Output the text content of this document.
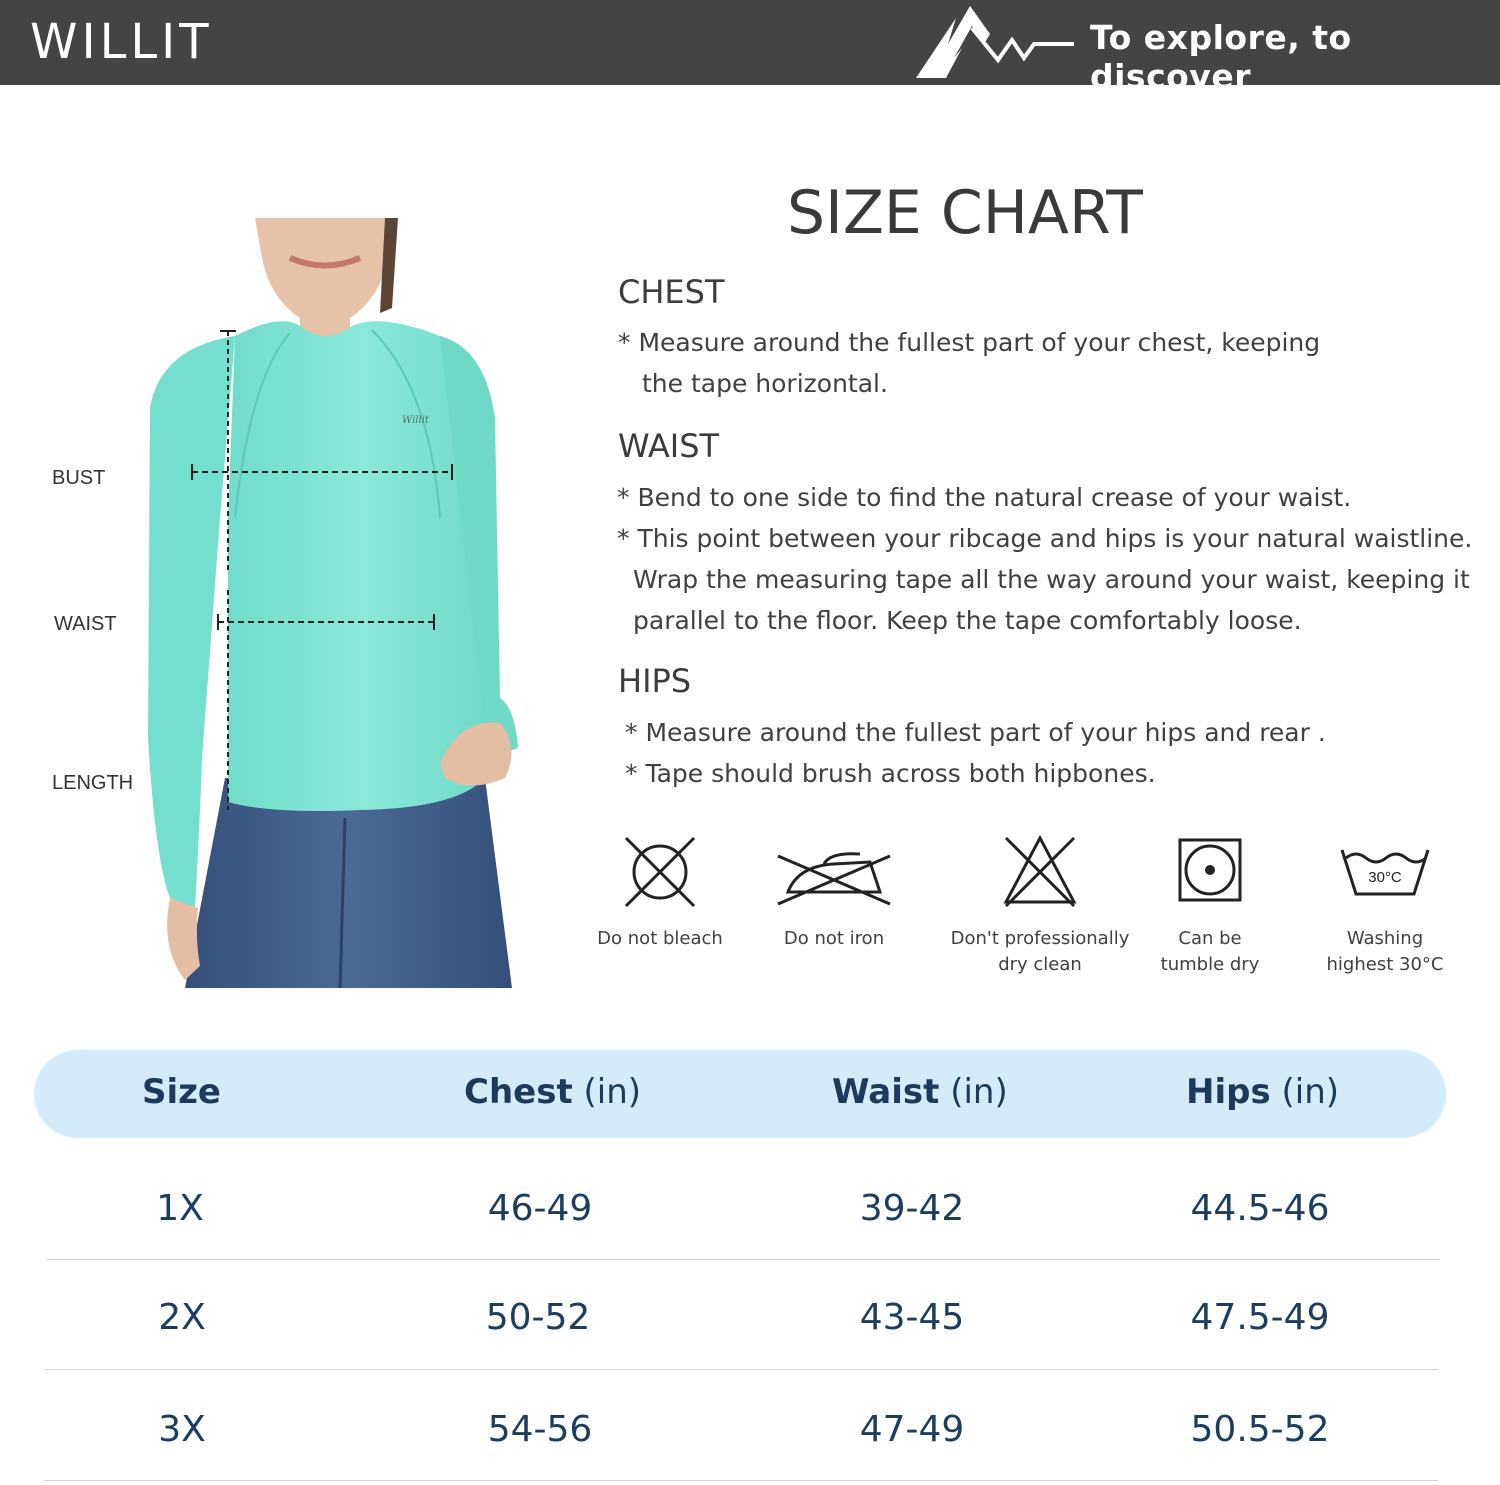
WILLIT	To explore, to discover
Willit
BUST
WAIST
LENGTH
SIZE CHART
CHEST
* Measure around the fullest part of your chest, keeping
the tape horizontal.
WAIST
* Bend to one side to find the natural crease of your waist.
* This point between your ribcage and hips is your natural waistline.
Wrap the measuring tape all the way around your waist, keeping it
parallel to the floor. Keep the tape comfortably loose.
HIPS
* Measure around the fullest part of your hips and rear .
* Tape should brush across both hipbones.
Do not bleach	Do not iron	Don't professionally
dry clean
Can be
tumble dry
30°C
Washing
highest 30°C
Size	Chest (in)	Waist (in)	Hips (in)
1X	46-49	39-42	44.5-46
2X	50-52	43-45	47.5-49
3X	54-56	47-49	50.5-52
